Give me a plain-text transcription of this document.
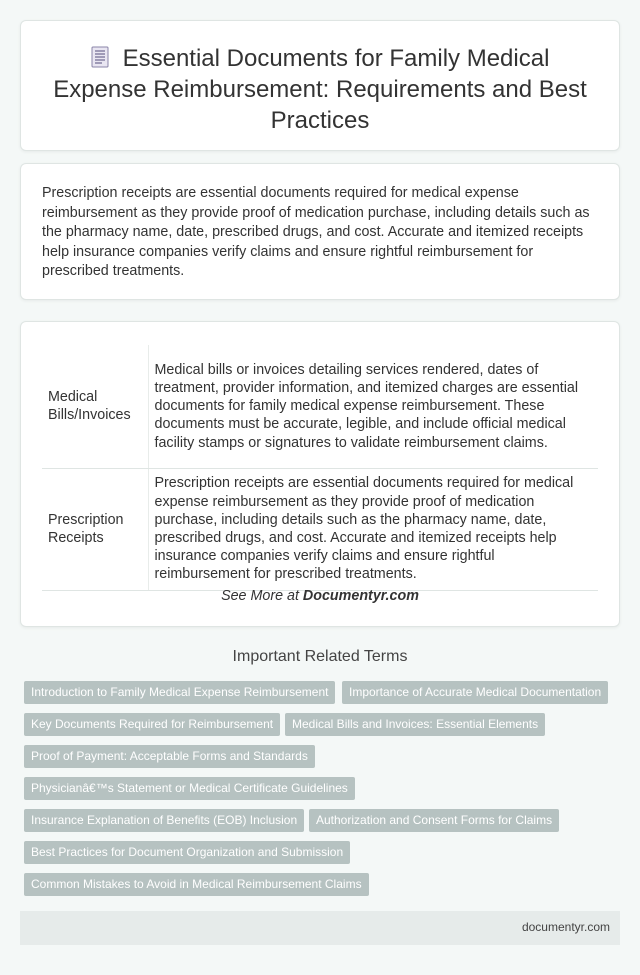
Essential Documents for Family Medical Expense Reimbursement: Requirements and Best Practices

Prescription receipts are essential documents required for medical expense reimbursement as they provide proof of medication purchase, including details such as the pharmacy name, date, prescribed drugs, and cost. Accurate and itemized receipts help insurance companies verify claims and ensure rightful reimbursement for prescribed treatments.

Medical Bills/Invoices	Medical bills or invoices detailing services rendered, dates of treatment, provider information, and itemized charges are essential documents for family medical expense reimbursement. These documents must be accurate, legible, and include official medical facility stamps or signatures to validate reimbursement claims.
Prescription Receipts	Prescription receipts are essential documents required for medical expense reimbursement as they provide proof of medication purchase, including details such as the pharmacy name, date, prescribed drugs, and cost. Accurate and itemized receipts help insurance companies verify claims and ensure rightful reimbursement for prescribed treatments.
See More at Documentyr.com
Important Related Terms
Introduction to Family Medical Expense Reimbursement	Importance of Accurate Medical Documentation
Key Documents Required for Reimbursement	Medical Bills and Invoices: Essential Elements
Proof of Payment: Acceptable Forms and Standards
Physicianâ€™s Statement or Medical Certificate Guidelines
Insurance Explanation of Benefits (EOB) Inclusion	Authorization and Consent Forms for Claims
Best Practices for Document Organization and Submission
Common Mistakes to Avoid in Medical Reimbursement Claims
documentyr.com
